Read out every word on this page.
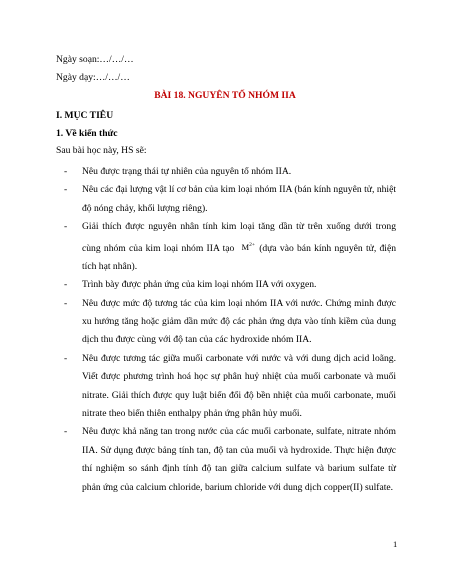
Ngày soạn:…/…/…
Ngày dạy:…/…/…
BÀI 18. NGUYÊN TỐ NHÓM IIA
I. MỤC TIÊU
1. Về kiến thức
Sau bài học này, HS sẽ:
- Nêu được trạng thái tự nhiên của nguyên tố nhóm IIA.
- Nêu các đại lượng vật lí cơ bản của kim loại nhóm IIA (bán kính nguyên tử, nhiệt độ nóng chảy, khối lượng riêng).
- Giải thích được nguyên nhân tính kim loại tăng dần từ trên xuống dưới trong cùng nhóm của kim loại nhóm IIA tạo $M^{2+}$ (dựa vào bán kính nguyên tử, điện tích hạt nhân).
- Trình bày được phản ứng của kim loại nhóm IIA với oxygen.
- Nêu được mức độ tương tác của kim loại nhóm IIA với nước. Chứng minh được xu hướng tăng hoặc giảm dần mức độ các phản ứng dựa vào tính kiềm của dung dịch thu được cùng với độ tan của các hydroxide nhóm IIA.
- Nêu được tương tác giữa muối carbonate với nước và với dung dịch acid loãng. Viết được phương trình hoá học sự phân huỷ nhiệt của muối carbonate và muối nitrate. Giải thích được quy luật biến đổi độ bền nhiệt của muối carbonate, muối nitrate theo biến thiên enthalpy phản ứng phân hủy muối.
- Nêu được khả năng tan trong nước của các muối carbonate, sulfate, nitrate nhóm IIA. Sử dụng được bảng tính tan, độ tan của muối và hydroxide. Thực hiện được thí nghiệm so sánh định tính độ tan giữa calcium sulfate và barium sulfate từ phản ứng của calcium chloride, barium chloride với dung dịch copper(II) sulfate.
1
